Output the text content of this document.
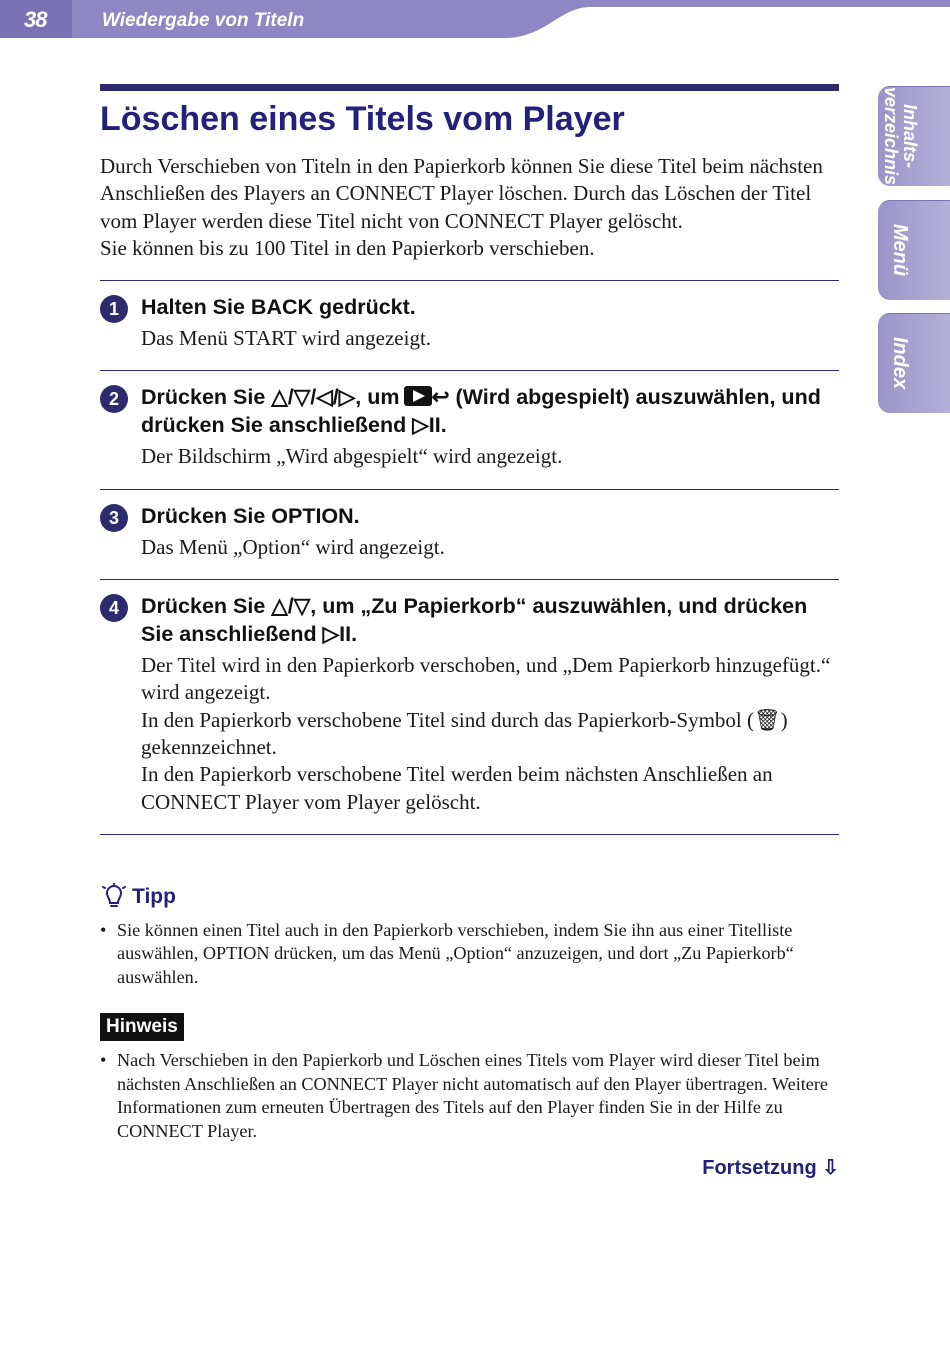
38	Wiedergabe von Titeln
Inhalts-
verzeichnis
Menü
Index
Löschen eines Titels vom Player

Durch Verschieben von Titeln in den Papierkorb können Sie diese Titel beim nächsten Anschließen des Players an CONNECT Player löschen. Durch das Löschen der Titel vom Player werden diese Titel nicht von CONNECT Player gelöscht.

Sie können bis zu 100 Titel in den Papierkorb verschieben.

1	Halten Sie BACK gedrückt.

Das Menü START wird angezeigt.

2	Drücken Sie △/▽/◁/▷, um ↩ (Wird abgespielt) auszuwählen, und drücken Sie anschließend ▷II.

Der Bildschirm „Wird abgespielt“ wird angezeigt.

3	Drücken Sie OPTION.

Das Menü „Option“ wird angezeigt.

4	Drücken Sie △/▽, um „Zu Papierkorb“ auszuwählen, und drücken Sie anschließend ▷II.

Der Titel wird in den Papierkorb verschoben, und „Dem Papierkorb hinzugefügt.“ wird angezeigt.

In den Papierkorb verschobene Titel sind durch das Papierkorb-Symbol (🗑) gekennzeichnet.

In den Papierkorb verschobene Titel werden beim nächsten Anschließen an CONNECT Player vom Player gelöscht.

Tipp
• Sie können einen Titel auch in den Papierkorb verschieben, indem Sie ihn aus einer Titelliste auswählen, OPTION drücken, um das Menü „Option“ anzuzeigen, und dort „Zu Papierkorb“ auswählen.
Hinweis
• Nach Verschieben in den Papierkorb und Löschen eines Titels vom Player wird dieser Titel beim nächsten Anschließen an CONNECT Player nicht automatisch auf den Player übertragen. Weitere Informationen zum erneuten Übertragen des Titels auf den Player finden Sie in der Hilfe zu CONNECT Player.
Fortsetzung ⇩
